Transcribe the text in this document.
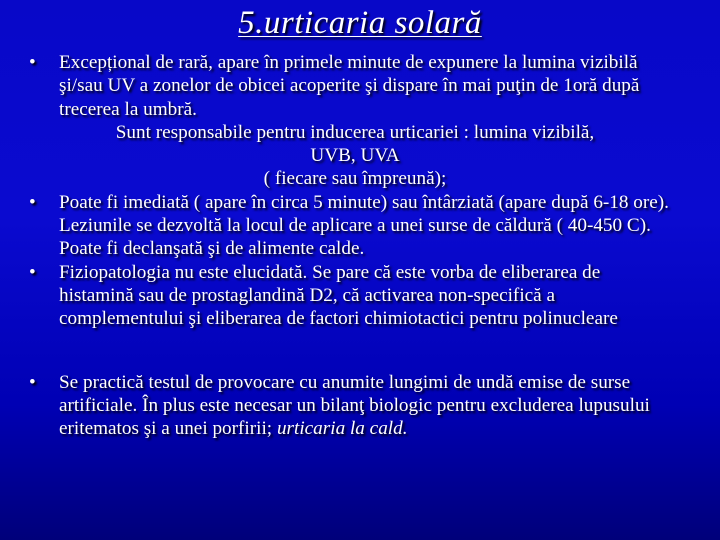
5.urticaria solară

• Excepțional de rară, apare în primele minute de expunere la lumina vizibilă şi/sau UV a zonelor de obicei acoperite şi dispare în mai puţin de 1oră după trecerea la umbră.

Sunt responsabile pentru inducerea urticariei : lumina vizibilă,

UVB, UVA

( fiecare sau împreună);

• Poate fi imediată ( apare în circa 5 minute) sau întârziată (apare după 6-18 ore). Leziunile se dezvoltă la locul de aplicare a unei surse de căldură ( 40-450 C). Poate fi declanşată şi de alimente calde.

• Fiziopatologia nu este elucidată. Se pare că este vorba de eliberarea de histamină sau de prostaglandină D2, că activarea non-specifică a complementului şi eliberarea de factori chimiotactici pentru polinucleare

• Se practică testul de provocare cu anumite lungimi de undă emise de surse artificiale. În plus este necesar un bilanţ biologic pentru excluderea lupusului eritematos şi a unei porfirii; urticaria la cald.
